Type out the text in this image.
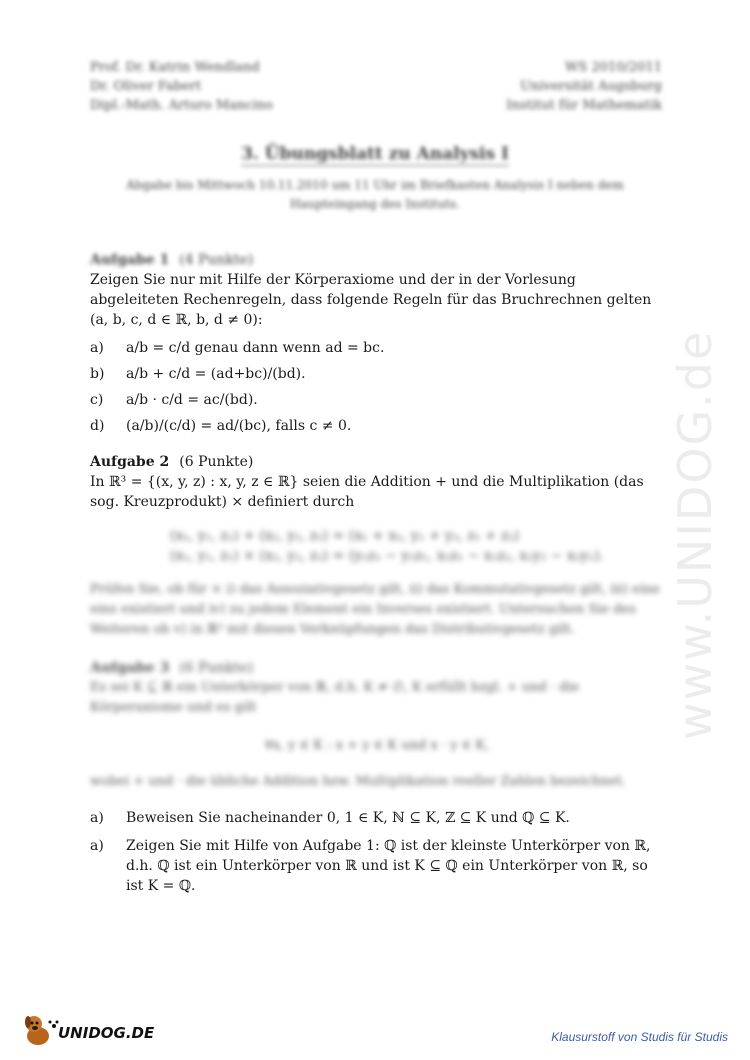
Prof. Dr. Katrin Wendland
Dr. Oliver Fabert
Dipl.-Math. Arturo Mancino
WS 2010/2011
Universität Augsburg
Institut für Mathematik
3. Übungsblatt zu Analysis I
Abgabe bis Mittwoch 10.11.2010 um 11 Uhr im Briefkasten Analysis I neben dem Haupteingang des Instituts.
Aufgabe 1 (4 Punkte)
Zeigen Sie nur mit Hilfe der Körperaxiome und der in der Vorlesung abgeleiteten Rechenregeln, dass folgende Regeln für das Bruchrechnen gelten (a, b, c, d ∈ ℝ, b, d ≠ 0):
a) a/b = c/d genau dann wenn ad = bc.
b) a/b + c/d = (ad+bc)/(bd).
c) a/b · c/d = ac/(bd).
d) (a/b)/(c/d) = ad/(bc), falls c ≠ 0.
Aufgabe 2 (6 Punkte)
In ℝ³ = {(x, y, z) : x, y, z ∈ ℝ} seien die Addition + und die Multiplikation (das sog. Kreuzprodukt) × definiert durch
(x₁, y₁, z₁) + (x₂, y₂, z₂) = (x₁ + x₂, y₁ + y₂, z₁ + z₂)
(x₁, y₁, z₁) × (x₂, y₂, z₂) = (y₁z₂ − y₂z₁, x₂z₁ − x₁z₂, x₁y₂ − x₂y₁).
Prüfen Sie, ob für × i) das Assoziativgesetz gilt, ii) das Kommutativgesetz gilt, iii) eine eins existiert und iv) zu jedem Element ein Inverses existiert. Untersuchen Sie des Weiteren ob v) in ℝ³ mit diesen Verknüpfungen das Distributivgesetz gilt.
Aufgabe 3 (6 Punkte)
Es sei K ⊆ ℝ ein Unterkörper von ℝ, d.h. K ≠ ∅, K erfüllt bzgl. + und · die Körperaxiome und es gilt
∀x, y ∈ K : x + y ∈ K und x · y ∈ K,
wobei + und · die übliche Addition bzw. Multiplikation reeller Zahlen bezeichnet.
a) Beweisen Sie nacheinander 0, 1 ∈ K, ℕ ⊆ K, ℤ ⊆ K und ℚ ⊆ K.
a) Zeigen Sie mit Hilfe von Aufgabe 1: ℚ ist der kleinste Unterkörper von ℝ, d.h. ℚ ist ein Unterkörper von ℝ und ist K ⊆ ℚ ein Unterkörper von ℝ, so ist K = ℚ.
www.UNIDOG.de
UNIDOG.DE	Klausurstoff von Studis für Studis
